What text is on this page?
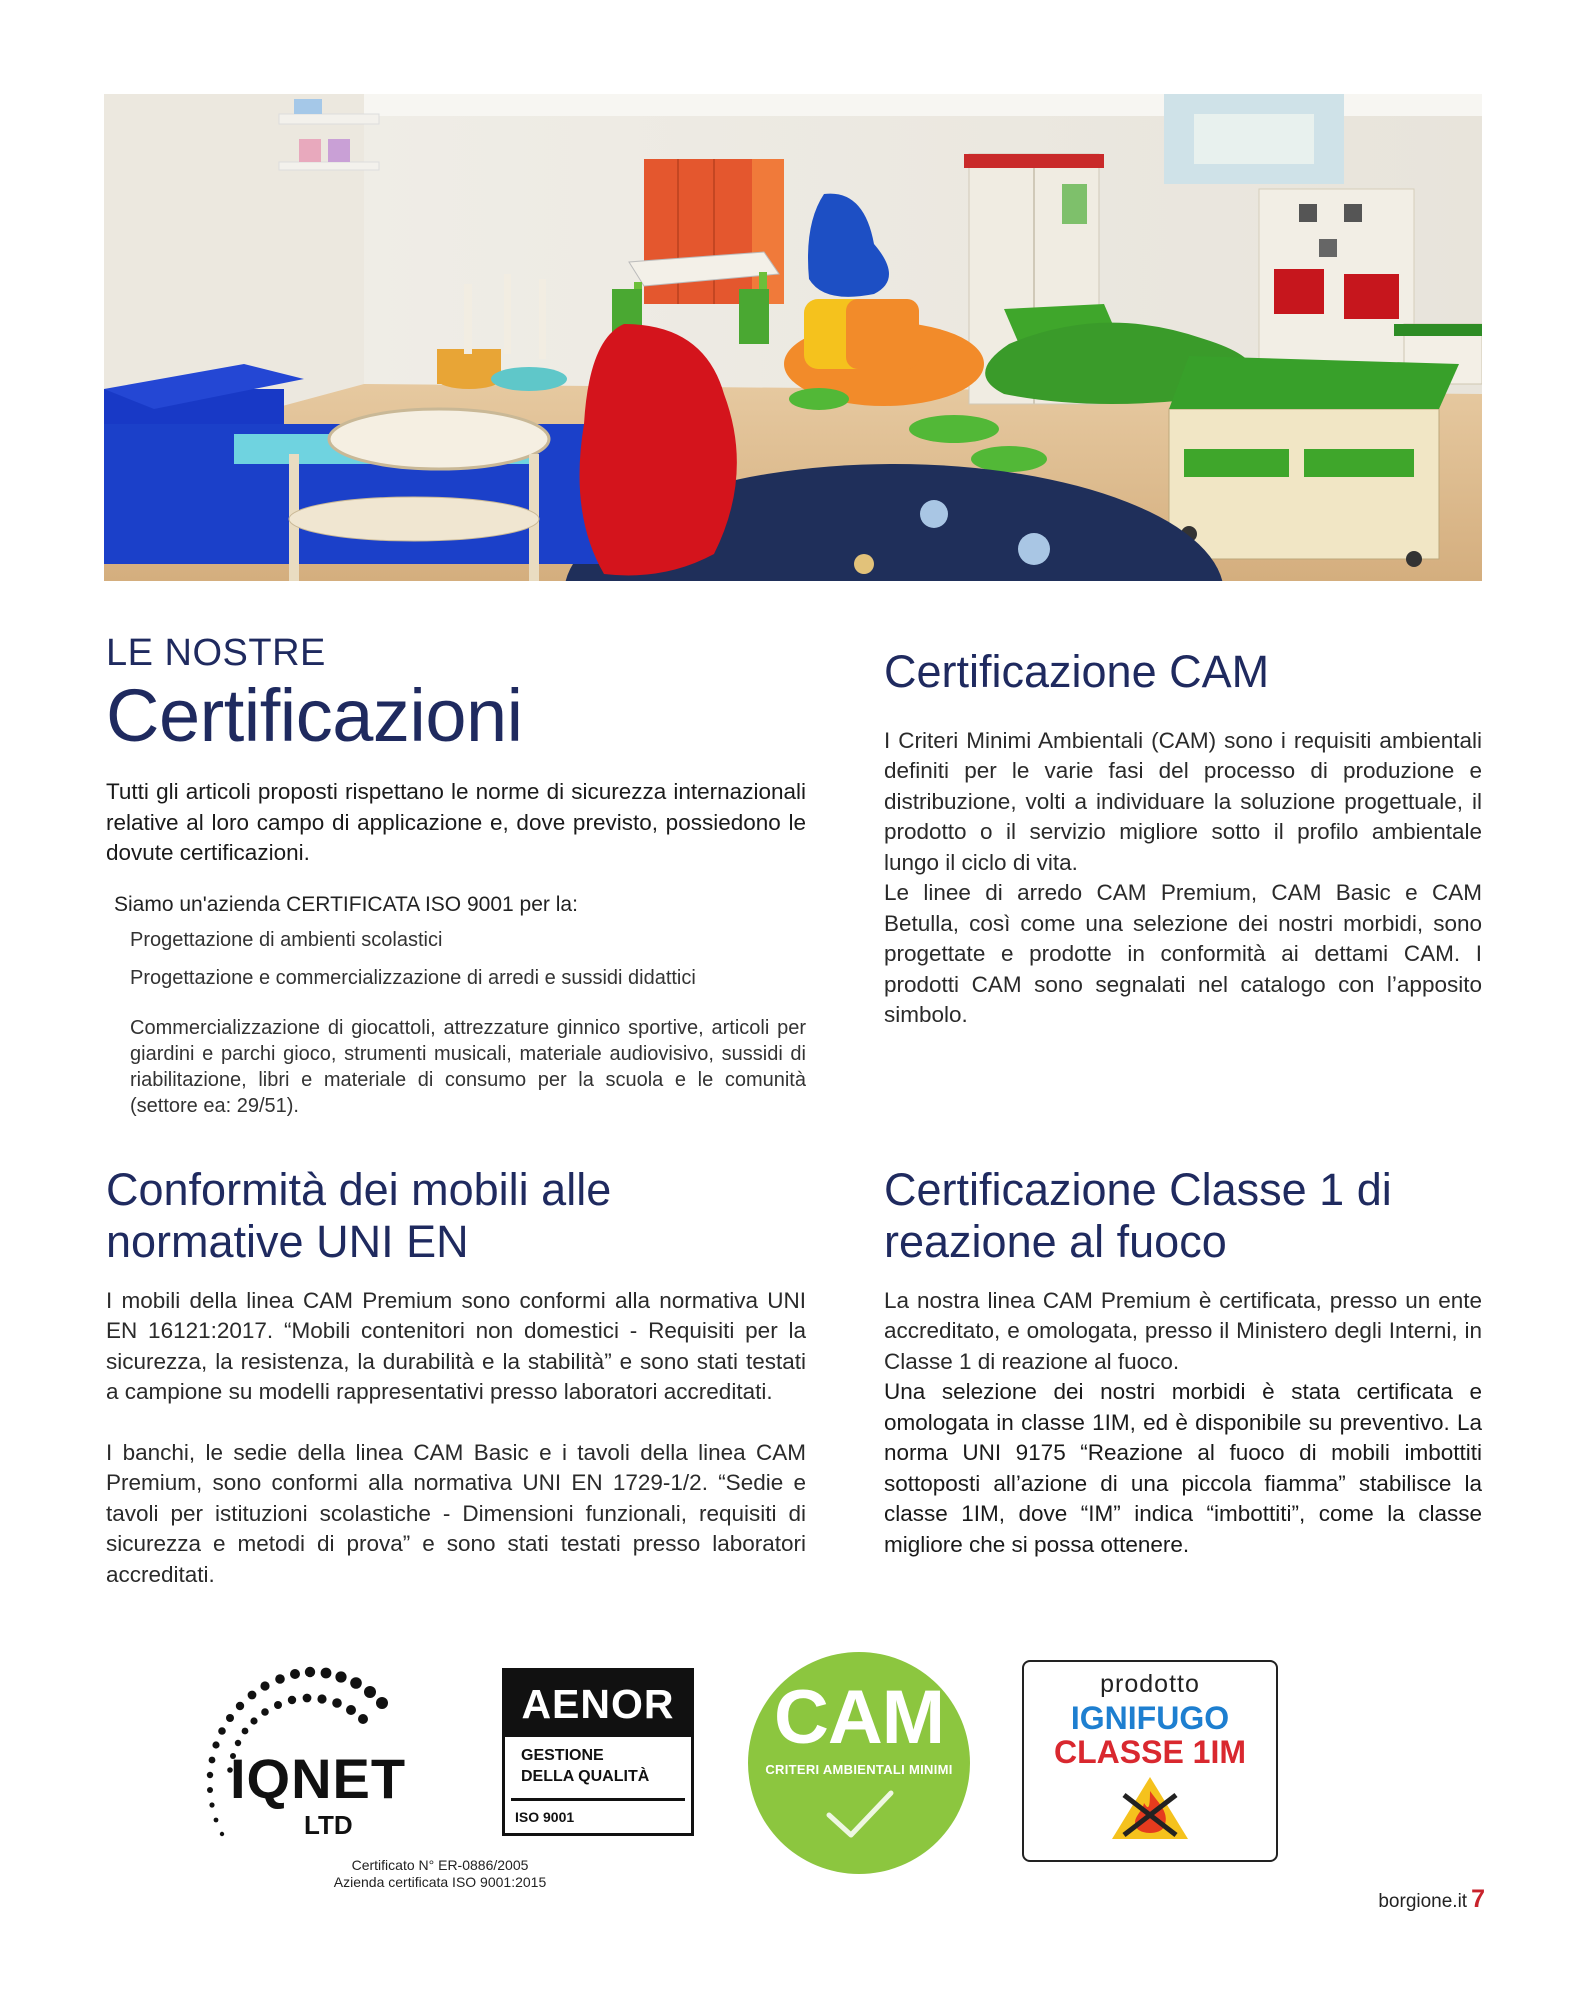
LE NOSTRE
Certificazioni

Tutti gli articoli proposti rispettano le norme di sicurezza internazionali relative al loro campo di applicazione e, dove previsto, possiedono le dovute certificazioni.

Siamo un'azienda CERTIFICATA ISO 9001 per la:
Progettazione di ambienti scolastici
Progettazione e commercializzazione di arredi e sussidi didattici
Commercializzazione di giocattoli, attrezzature ginnico sportive, articoli per giardini e parchi gioco, strumenti musicali, materiale audiovisivo, sussidi di riabilitazione, libri e materiale di consumo per la scuola e le comunità (settore ea: 29/51).
Certificazione CAM

I Criteri Minimi Ambientali (CAM) sono i requisiti ambientali definiti per le varie fasi del processo di produzione e distribuzione, volti a individuare la soluzione progettuale, il prodotto o il servizio migliore sotto il profilo ambientale lungo il ciclo di vita.

Le linee di arredo CAM Premium, CAM Basic e CAM Betulla, così come una selezione dei nostri morbidi, sono progettate e prodotte in conformità ai dettami CAM. I prodotti CAM sono segnalati nel catalogo con l’apposito simbolo.

Conformità dei mobili alle
normative UNI EN

I mobili della linea CAM Premium sono conformi alla normativa UNI EN 16121:2017. “Mobili contenitori non domestici - Requisiti per la sicurezza, la resistenza, la durabilità e la stabilità” e sono stati testati a campione su modelli rappresentativi presso laboratori accreditati.

I banchi, le sedie della linea CAM Basic e i tavoli della linea CAM Premium, sono conformi alla normativa UNI EN 1729-1/2. “Sedie e tavoli per istituzioni scolastiche - Dimensioni funzionali, requisiti di sicurezza e metodi di prova” e sono stati testati presso laboratori accreditati.

Certificazione Classe 1 di
reazione al fuoco

La nostra linea CAM Premium è certificata, presso un ente accreditato, e omologata, presso il Ministero degli Interni, in Classe 1 di reazione al fuoco.

Una selezione dei nostri morbidi è stata certificata e omologata in classe 1IM, ed è disponibile su preventivo. La norma UNI 9175 “Reazione al fuoco di mobili imbottiti sottoposti all’azione di una piccola fiamma” stabilisce la classe 1IM, dove “IM” indica “imbottiti”, come la classe migliore che si possa ottenere.

IQNET
LTD
Certificato N° ER-0886/2005
Azienda certificata ISO 9001:2015
AENOR
GESTIONE
DELLA QUALITÀ
ISO 9001
CAM
CRITERI AMBIENTALI MINIMI
prodotto
IGNIFUGO
CLASSE 1IM
borgione.it 7
